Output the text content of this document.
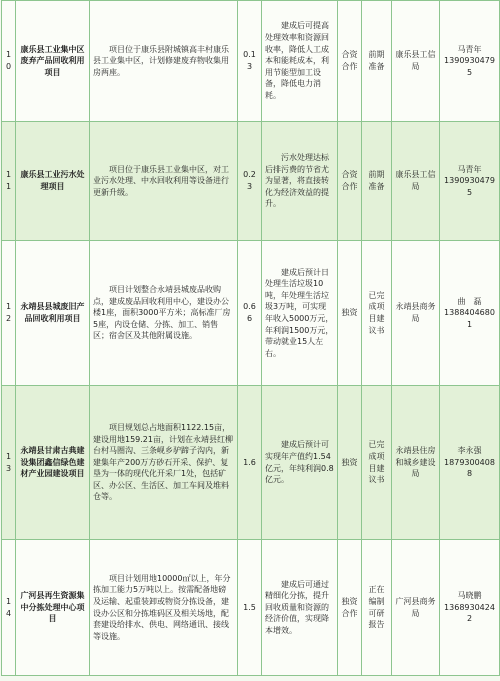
10	康乐县工业集中区废弃产品回收利用项目	项目位于康乐县附城镇高丰村康乐县工业集中区，计划修建废弃物收集用房两座。	0.13	建成后可提高处理效率和资源回收率，降低人工成本和能耗成本，利用节能型加工设备，降低电力消耗。	合资合作	前期准备	康乐县工信局	马青年
13909304795

11	康乐县工业污水处理项目	项目位于康乐县工业集中区，对工业污水处理、中水回收利用等设备进行更新升级。	0.23	污水处理达标后排污费的节省尤为显著，将直接转化为经济效益的提升。	合资合作	前期准备	康乐县工信局	马青年
13909304795

12	永靖县县城废旧产品回收利用项目	项目计划整合永靖县城废品收购点，建成废品回收利用中心，建设办公楼1座，面积3000平方米；高标准厂房5座，内设仓储、分拣、加工、销售区；宿舍区及其他附属设施。	0.66	建成后预计日处理生活垃圾10吨，年处理生活垃圾3万吨，可实现年收入5000万元，年利润1500万元，带动就业15人左右。	独资	已完成项目建议书	永靖县商务局	曲　磊
13884046801

13	永靖县甘肃古典建设集团鑫信绿色建材产业园建设项目	项目规划总占地面积1122.15亩，建设用地159.21亩，计划在永靖县红柳台村马圈沟、三条岘乡驴蹄子沟内，新建集年产200万方砂石开采、保护、复垦为一体的现代化开采厂1处，包括矿区、办公区、生活区、加工车间及堆料仓等。	1.6	建成后预计可实现年产值约1.54亿元，年纯利润0.8亿元。	独资	已完成项目建议书	永靖县住房和城乡建设局	李永强
18793004088

14	广河县再生资源集中分拣处理中心项目	项目计划用地10000㎡以上，年分拣加工能力5万吨以上。按需配备地磅及运输、起重装卸或物资分拣设备，建设办公区和分拣堆码区及相关场地，配套建设给排水、供电、网络通讯、接线等设施。	1.5	建成后可通过精细化分拣，提升回收质量和资源的经济价值，实现降本增效。	独资合作	正在编制可研报告	广河县商务局	马晓鹏
13689304242
